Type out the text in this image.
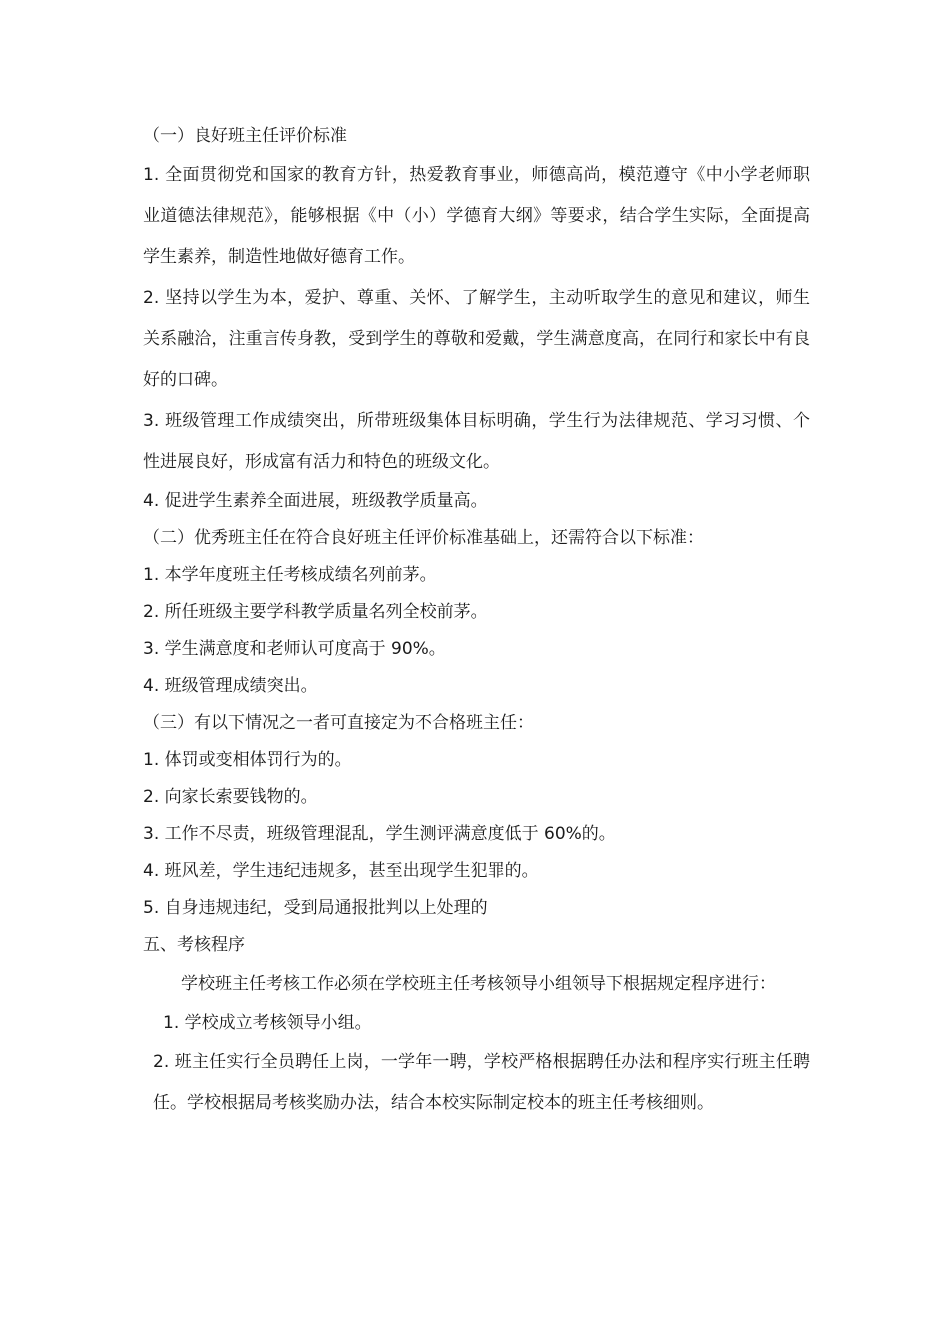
（一）良好班主任评价标准
1. 全面贯彻党和国家的教育方针，热爱教育事业，师德高尚，模范遵守《中小学老师职业道德法律规范》，能够根据《中（小）学德育大纲》等要求，结合学生实际，全面提高学生素养，制造性地做好德育工作。
2. 坚持以学生为本，爱护、尊重、关怀、了解学生，主动听取学生的意见和建议，师生关系融洽，注重言传身教，受到学生的尊敬和爱戴，学生满意度高，在同行和家长中有良好的口碑。
3. 班级管理工作成绩突出，所带班级集体目标明确，学生行为法律规范、学习习惯、个性进展良好，形成富有活力和特色的班级文化。
4. 促进学生素养全面进展，班级教学质量高。
（二）优秀班主任在符合良好班主任评价标准基础上，还需符合以下标准：
1. 本学年度班主任考核成绩名列前茅。
2. 所任班级主要学科教学质量名列全校前茅。
3. 学生满意度和老师认可度高于 90%。
4. 班级管理成绩突出。
（三）有以下情况之一者可直接定为不合格班主任：
1. 体罚或变相体罚行为的。
2. 向家长索要钱物的。
3. 工作不尽责，班级管理混乱，学生测评满意度低于 60%的。
4. 班风差，学生违纪违规多，甚至出现学生犯罪的。
5. 自身违规违纪，受到局通报批判以上处理的
五、考核程序
学校班主任考核工作必须在学校班主任考核领导小组领导下根据规定程序进行：
1. 学校成立考核领导小组。
2. 班主任实行全员聘任上岗，一学年一聘，学校严格根据聘任办法和程序实行班主任聘任。学校根据局考核奖励办法，结合本校实际制定校本的班主任考核细则。
